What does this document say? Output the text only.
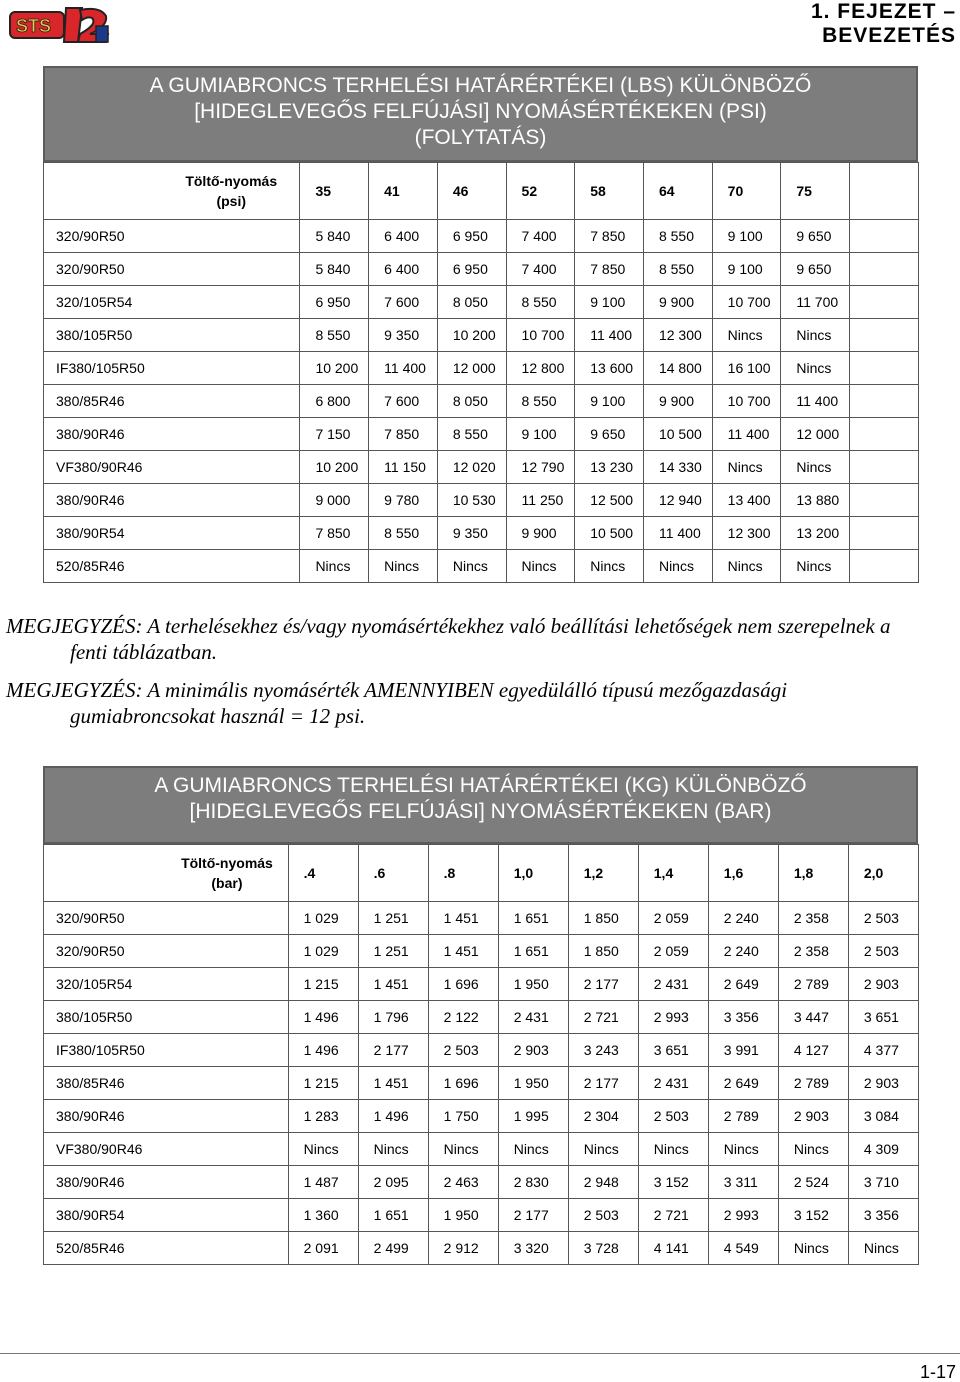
STS
1. FEJEZET –
BEVEZETÉS
A GUMIABRONCS TERHELÉSI HATÁRÉRTÉKEI (LBS) KÜLÖNBÖZŐ
[HIDEGLEVEGŐS FELFÚJÁSI] NYOMÁSÉRTÉKEKEN (PSI)
(FOLYTATÁS)

	Töltő-nyomás
(psi)	35	41	46	52	58	64	70	75	
320/90R50		5 840	6 400	6 950	7 400	7 850	8 550	9 100	9 650	
320/90R50		5 840	6 400	6 950	7 400	7 850	8 550	9 100	9 650	
320/105R54		6 950	7 600	8 050	8 550	9 100	9 900	10 700	11 700	
380/105R50		8 550	9 350	10 200	10 700	11 400	12 300	Nincs	Nincs	
IF380/105R50		10 200	11 400	12 000	12 800	13 600	14 800	16 100	Nincs	
380/85R46		6 800	7 600	8 050	8 550	9 100	9 900	10 700	11 400	
380/90R46		7 150	7 850	8 550	9 100	9 650	10 500	11 400	12 000	
VF380/90R46		10 200	11 150	12 020	12 790	13 230	14 330	Nincs	Nincs	
380/90R46		9 000	9 780	10 530	11 250	12 500	12 940	13 400	13 880	
380/90R54		7 850	8 550	9 350	9 900	10 500	11 400	12 300	13 200	
520/85R46		Nincs	Nincs	Nincs	Nincs	Nincs	Nincs	Nincs	Nincs	
MEGJEGYZÉS: A terhelésekhez és/vagy nyomásértékekhez való beállítási lehetőségek nem szerepelnek a
fenti táblázatban.
MEGJEGYZÉS: A minimális nyomásérték AMENNYIBEN egyedülálló típusú mezőgazdasági
gumiabroncsokat használ = 12 psi.
A GUMIABRONCS TERHELÉSI HATÁRÉRTÉKEI (KG) KÜLÖNBÖZŐ
[HIDEGLEVEGŐS FELFÚJÁSI] NYOMÁSÉRTÉKEKEN (BAR)

	Töltő-nyomás
(bar)	.4	.6	.8	1,0	1,2	1,4	1,6	1,8	2,0
320/90R50		1 029	1 251	1 451	1 651	1 850	2 059	2 240	2 358	2 503
320/90R50		1 029	1 251	1 451	1 651	1 850	2 059	2 240	2 358	2 503
320/105R54		1 215	1 451	1 696	1 950	2 177	2 431	2 649	2 789	2 903
380/105R50		1 496	1 796	2 122	2 431	2 721	2 993	3 356	3 447	3 651
IF380/105R50		1 496	2 177	2 503	2 903	3 243	3 651	3 991	4 127	4 377
380/85R46		1 215	1 451	1 696	1 950	2 177	2 431	2 649	2 789	2 903
380/90R46		1 283	1 496	1 750	1 995	2 304	2 503	2 789	2 903	3 084
VF380/90R46		Nincs	Nincs	Nincs	Nincs	Nincs	Nincs	Nincs	Nincs	4 309
380/90R46		1 487	2 095	2 463	2 830	2 948	3 152	3 311	2 524	3 710
380/90R54		1 360	1 651	1 950	2 177	2 503	2 721	2 993	3 152	3 356
520/85R46		2 091	2 499	2 912	3 320	3 728	4 141	4 549	Nincs	Nincs
1-17
